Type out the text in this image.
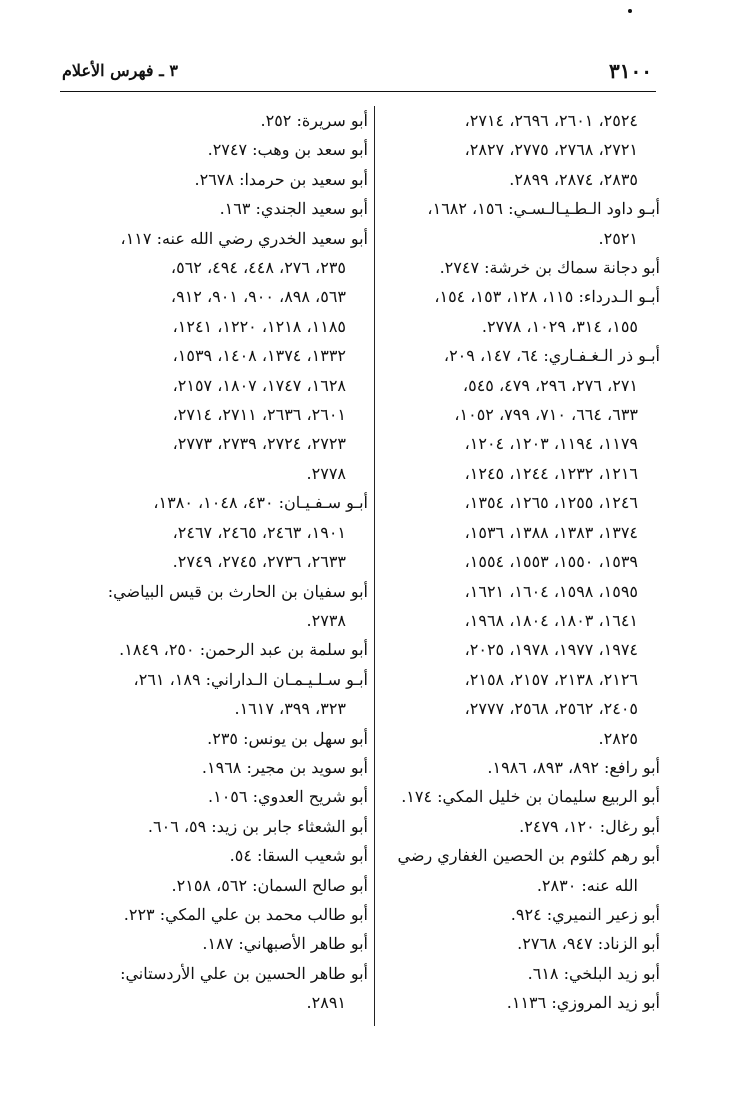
٣١٠٠
٣ ـ فهرس الأعلام
٢٥٢٤، ٢٦٠١، ٢٦٩٦، ٢٧١٤،
٢٧٢١، ٢٧٦٨، ٢٧٧٥، ٢٨٢٧،
٢٨٣٥، ٢٨٧٤، ٢٨٩٩.
أبـو داود الـطـيـالـسـي: ١٥٦، ١٦٨٢،
٢٥٢١.
أبو دجانة سماك بن خرشة: ٢٧٤٧.
أبـو الـدرداء: ١١٥، ١٢٨، ١٥٣، ١٥٤،
١٥٥، ٣١٤، ١٠٢٩، ٢٧٧٨.
أبـو ذر الـغـفـاري: ٦٤، ١٤٧، ٢٠٩،
٢٧١، ٢٧٦، ٢٩٦، ٤٧٩، ٥٤٥،
٦٣٣، ٦٦٤، ٧١٠، ٧٩٩، ١٠٥٢،
١١٧٩، ١١٩٤، ١٢٠٣، ١٢٠٤،
١٢١٦، ١٢٣٢، ١٢٤٤، ١٢٤٥،
١٢٤٦، ١٢٥٥، ١٢٦٥، ١٣٥٤،
١٣٧٤، ١٣٨٣، ١٣٨٨، ١٥٣٦،
١٥٣٩، ١٥٥٠، ١٥٥٣، ١٥٥٤،
١٥٩٥، ١٥٩٨، ١٦٠٤، ١٦٢١،
١٦٤١، ١٨٠٣، ١٨٠٤، ١٩٦٨،
١٩٧٤، ١٩٧٧، ١٩٧٨، ٢٠٢٥،
٢١٢٦، ٢١٣٨، ٢١٥٧، ٢١٥٨،
٢٤٠٥، ٢٥٦٢، ٢٥٦٨، ٢٧٧٧،
٢٨٢٥.
أبو رافع: ٨٩٢، ٨٩٣، ١٩٨٦.
أبو الربيع سليمان بن خليل المكي: ١٧٤.
أبو رغال: ١٢٠، ٢٤٧٩.
أبو رهم كلثوم بن الحصين الغفاري رضي
الله عنه: ٢٨٣٠.
أبو زعير النميري: ٩٢٤.
أبو الزناد: ٩٤٧، ٢٧٦٨.
أبو زيد البلخي: ٦١٨.
أبو زيد المروزي: ١١٣٦.
أبو سريرة: ٢٥٢.
أبو سعد بن وهب: ٢٧٤٧.
أبو سعيد بن حرمدا: ٢٦٧٨.
أبو سعيد الجندي: ١٦٣.
أبو سعيد الخدري رضي الله عنه: ١١٧،
٢٣٥، ٢٧٦، ٤٤٨، ٤٩٤، ٥٦٢،
٥٦٣، ٨٩٨، ٩٠٠، ٩٠١، ٩١٢،
١١٨٥، ١٢١٨، ١٢٢٠، ١٢٤١،
١٣٣٢، ١٣٧٤، ١٤٠٨، ١٥٣٩،
١٦٢٨، ١٧٤٧، ١٨٠٧، ٢١٥٧،
٢٦٠١، ٢٦٣٦، ٢٧١١، ٢٧١٤،
٢٧٢٣، ٢٧٢٤، ٢٧٣٩، ٢٧٧٣،
٢٧٧٨.
أبـو سـفـيـان: ٤٣٠، ١٠٤٨، ١٣٨٠،
١٩٠١، ٢٤٦٣، ٢٤٦٥، ٢٤٦٧،
٢٦٣٣، ٢٧٣٦، ٢٧٤٥، ٢٧٤٩.
أبو سفيان بن الحارث بن قيس البياضي:
٢٧٣٨.
أبو سلمة بن عبد الرحمن: ٢٥٠، ١٨٤٩.
أبـو سـلـيـمـان الـداراني: ١٨٩، ٢٦١،
٣٢٣، ٣٩٩، ١٦١٧.
أبو سهل بن يونس: ٢٣٥.
أبو سويد بن مجير: ١٩٦٨.
أبو شريح العدوي: ١٠٥٦.
أبو الشعثاء جابر بن زيد: ٥٩، ٦٠٦.
أبو شعيب السقا: ٥٤.
أبو صالح السمان: ٥٦٢، ٢١٥٨.
أبو طالب محمد بن علي المكي: ٢٢٣.
أبو طاهر الأصبهاني: ١٨٧.
أبو طاهر الحسين بن علي الأردستاني:
٢٨٩١.
